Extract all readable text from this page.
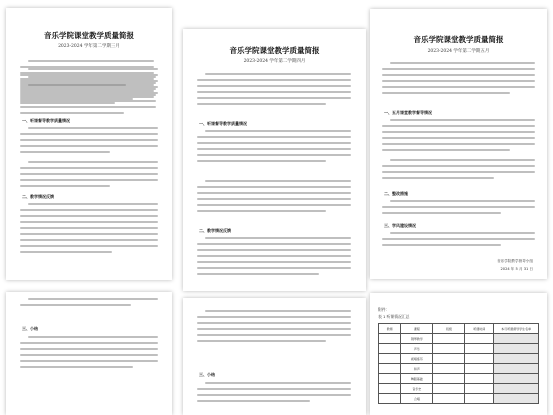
音乐学院课堂教学质量简报
2023-2024 学年第二学期三月
一、听课督导教学质量情况
二、教学情况反馈
音乐学院课堂教学质量简报
2023-2024 学年第二学期四月
一、听课督导教学质量情况
二、教学情况反馈
音乐学院课堂教学质量简报
2023-2024 学年第二学期五月
一、五月课堂教学督导情况
二、整改措施
三、学风建设情况
音乐学院教学督导小组
2024 年 5 月 31 日
三、小结
三、小结
附件：
表 1 听课情况汇总
教师	课程	班级	听课时间	本月听课督导学生名单
	钢琴教学			
	声乐			
	视唱练耳			
	和声			
	舞蹈基础			
	音乐史			
	合唱			
